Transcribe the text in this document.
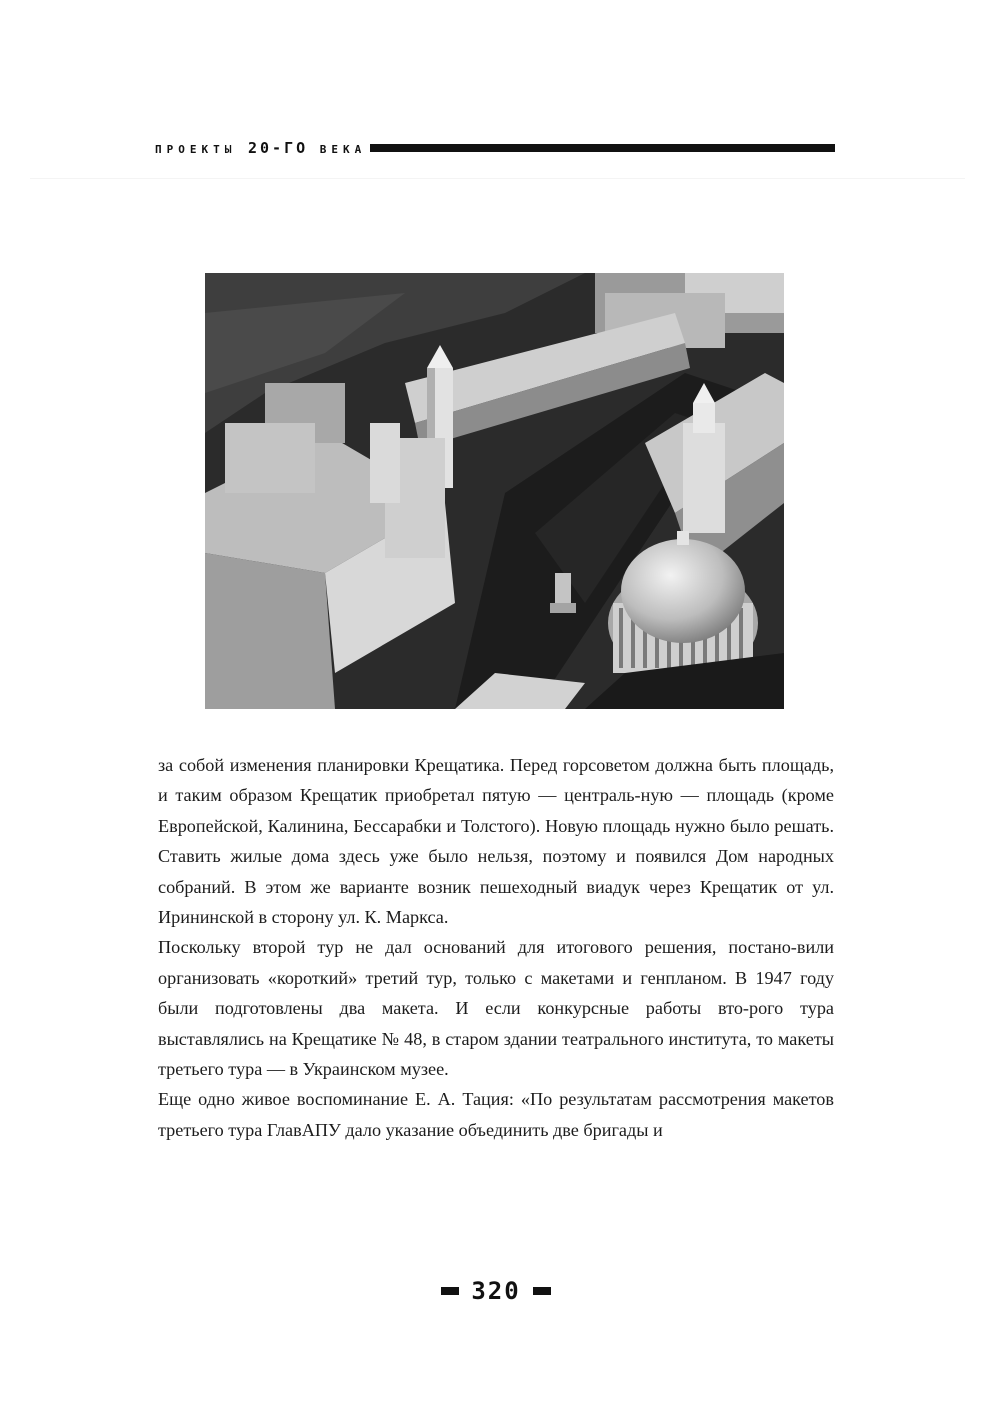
ПРОЕКТЫ 20-ГО ВЕКА

за собой изменения планировки Крещатика. Перед горсоветом должна быть площадь, и таким образом Крещатик приобретал пятую — централь-ную — площадь (кроме Европейской, Калинина, Бессарабки и Толстого). Новую площадь нужно было решать. Ставить жилые дома здесь уже было нельзя, поэтому и появился Дом народных собраний. В этом же варианте возник пешеходный виадук через Крещатик от ул. Ирининской в сторону ул. К. Маркса.

Поскольку второй тур не дал оснований для итогового решения, постано-вили организовать «короткий» третий тур, только с макетами и генпланом. В 1947 году были подготовлены два макета. И если конкурсные работы вто-рого тура выставлялись на Крещатике № 48, в старом здании театрального института, то макеты третьего тура — в Украинском музее.

Еще одно живое воспоминание Е. А. Тация: «По результатам рассмотрения макетов третьего тура ГлавАПУ дало указание объединить две бригады и

320
